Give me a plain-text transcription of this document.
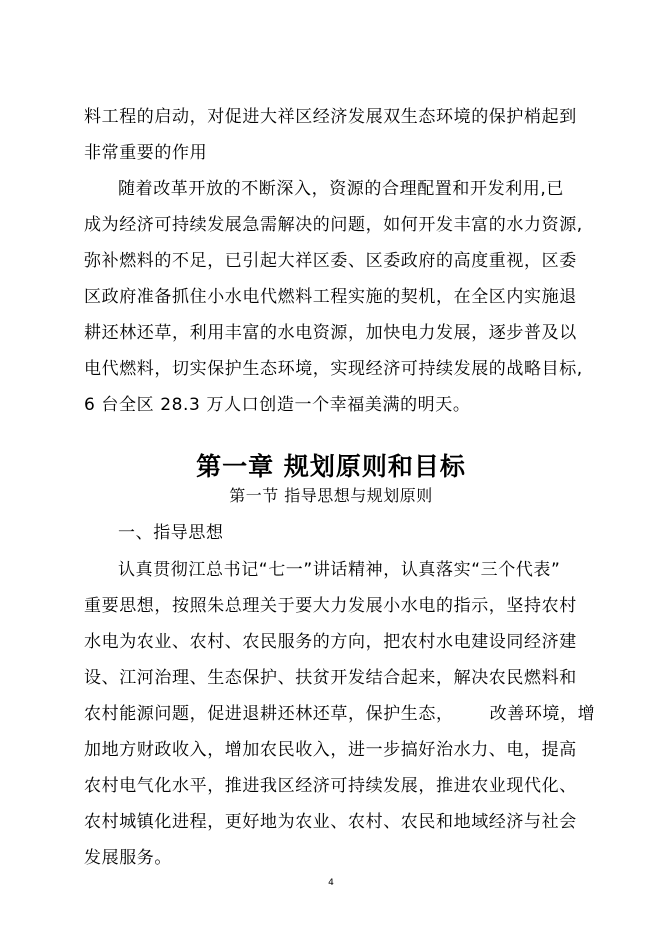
料工程的启动，对促进大祥区经济发展双生态环境的保护梢起到
非常重要的作用
随着改革开放的不断深入，资源的合理配置和开发利用,已
成为经济可持续发展急需解决的问题，如何开发丰富的水力资源,
弥补燃料的不足，已引起大祥区委、区委政府的高度重视，区委
区政府准备抓住小水电代燃料工程实施的契机，在全区内实施退
耕还林还草，利用丰富的水电资源，加快电力发展，逐步普及以
电代燃料，切实保护生态环境，实现经济可持续发展的战略目标,
6 台全区 28.3 万人口创造一个幸福美满的明天。
第一章 规划原则和目标
第一节 指导思想与规划原则
一、指导思想
认真贯彻江总书记“七一”讲话精神，认真落实“三个代表”
重要思想，按照朱总理关于要大力发展小水电的指示，坚持农村
水电为农业、农村、农民服务的方向，把农村水电建设同经济建
设、江河治理、生态保护、扶贫开发结合起来，解决农民燃料和
农村能源问题，促进退耕还林还草，保护生态，      改善环境，增
加地方财政收入，增加农民收入，进一步搞好治水力、电，提高
农村电气化水平，推进我区经济可持续发展，推进农业现代化、
农村城镇化进程，更好地为农业、农村、农民和地域经济与社会
发展服务。
4
